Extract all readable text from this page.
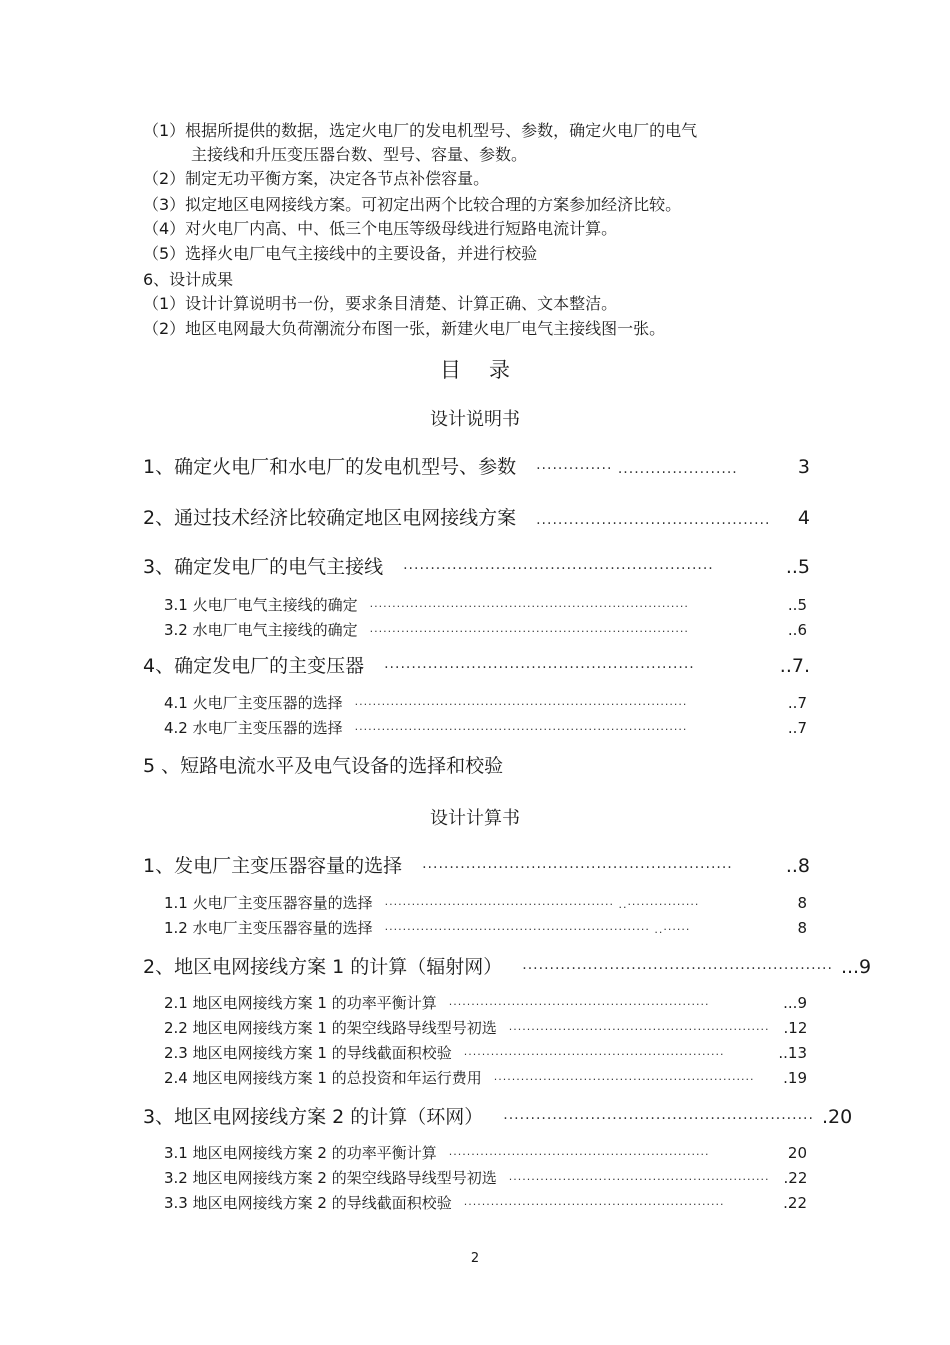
（1）根据所提供的数据，选定火电厂的发电机型号、参数，确定火电厂的电气
主接线和升压变压器台数、型号、容量、参数。
（2）制定无功平衡方案，决定各节点补偿容量。
（3）拟定地区电网接线方案。可初定出两个比较合理的方案参加经济比较。
（4）对火电厂内高、中、低三个电压等级母线进行短路电流计算。
（5）选择火电厂电气主接线中的主要设备，并进行校验
6、设计成果
（1）设计计算说明书一份，要求条目清楚、计算正确、文本整洁。
（2）地区电网最大负荷潮流分布图一张，新建火电厂电气主接线图一张。
目录
设计说明书
1、确定火电厂和水电厂的发电机型号、参数 ·············· ......................	3
2、通过技术经济比较确定地区电网接线方案 ...........................................	4
3、确定发电厂的电气主接线 ·························································	..5
3.1 火电厂电气主接线的确定 ·······································································	..5
3.2 水电厂电气主接线的确定 ·······································································	..6
4、确定发电厂的主变压器 ·························································	..7.
4.1 火电厂主变压器的选择 ··········································································	..7
4.2 水电厂主变压器的选择 ··········································································	..7
5 、短路电流水平及电气设备的选择和校验
设计计算书
1、发电厂主变压器容量的选择 ·························································	..8
1.1 火电厂主变压器容量的选择 ··················································· ..················	8
1.2 水电厂主变压器容量的选择 ··························································· ..······	8
2、地区电网接线方案 1 的计算（辐射网） ························································· ...9
2.1 地区电网接线方案 1 的功率平衡计算 ··························································	...9
2.2 地区电网接线方案 1 的架空线路导线型号初选 ·························································· .12
2.3 地区电网接线方案 1 的导线截面积校验 ··························································	..13
2.4 地区电网接线方案 1 的总投资和年运行费用 ··························································	.19
3、地区电网接线方案 2 的计算（环网） ························································· .20
3.1 地区电网接线方案 2 的功率平衡计算 ··························································	20
3.2 地区电网接线方案 2 的架空线路导线型号初选 ·························································· .22
3.3 地区电网接线方案 2 的导线截面积校验 ··························································	.22
2
